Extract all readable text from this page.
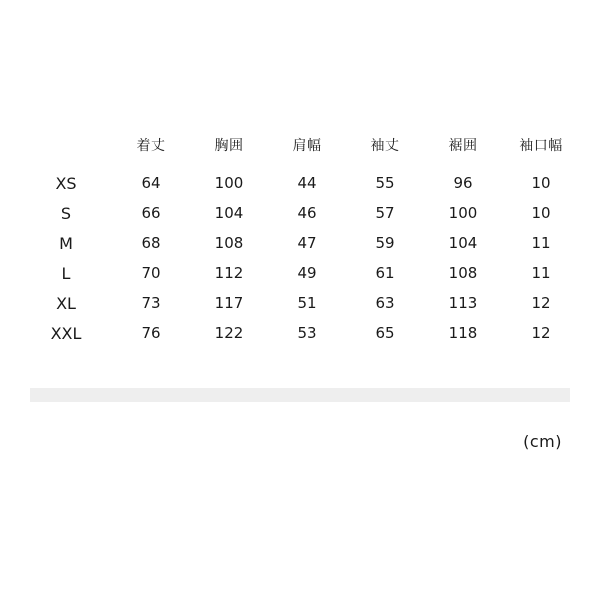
	着丈	胸囲	肩幅	袖丈	裾囲	袖口幅
XS	64	100	44	55	96	10
S	66	104	46	57	100	10
M	68	108	47	59	104	11
L	70	112	49	61	108	11
XL	73	117	51	63	113	12
XXL	76	122	53	65	118	12
(cm)
